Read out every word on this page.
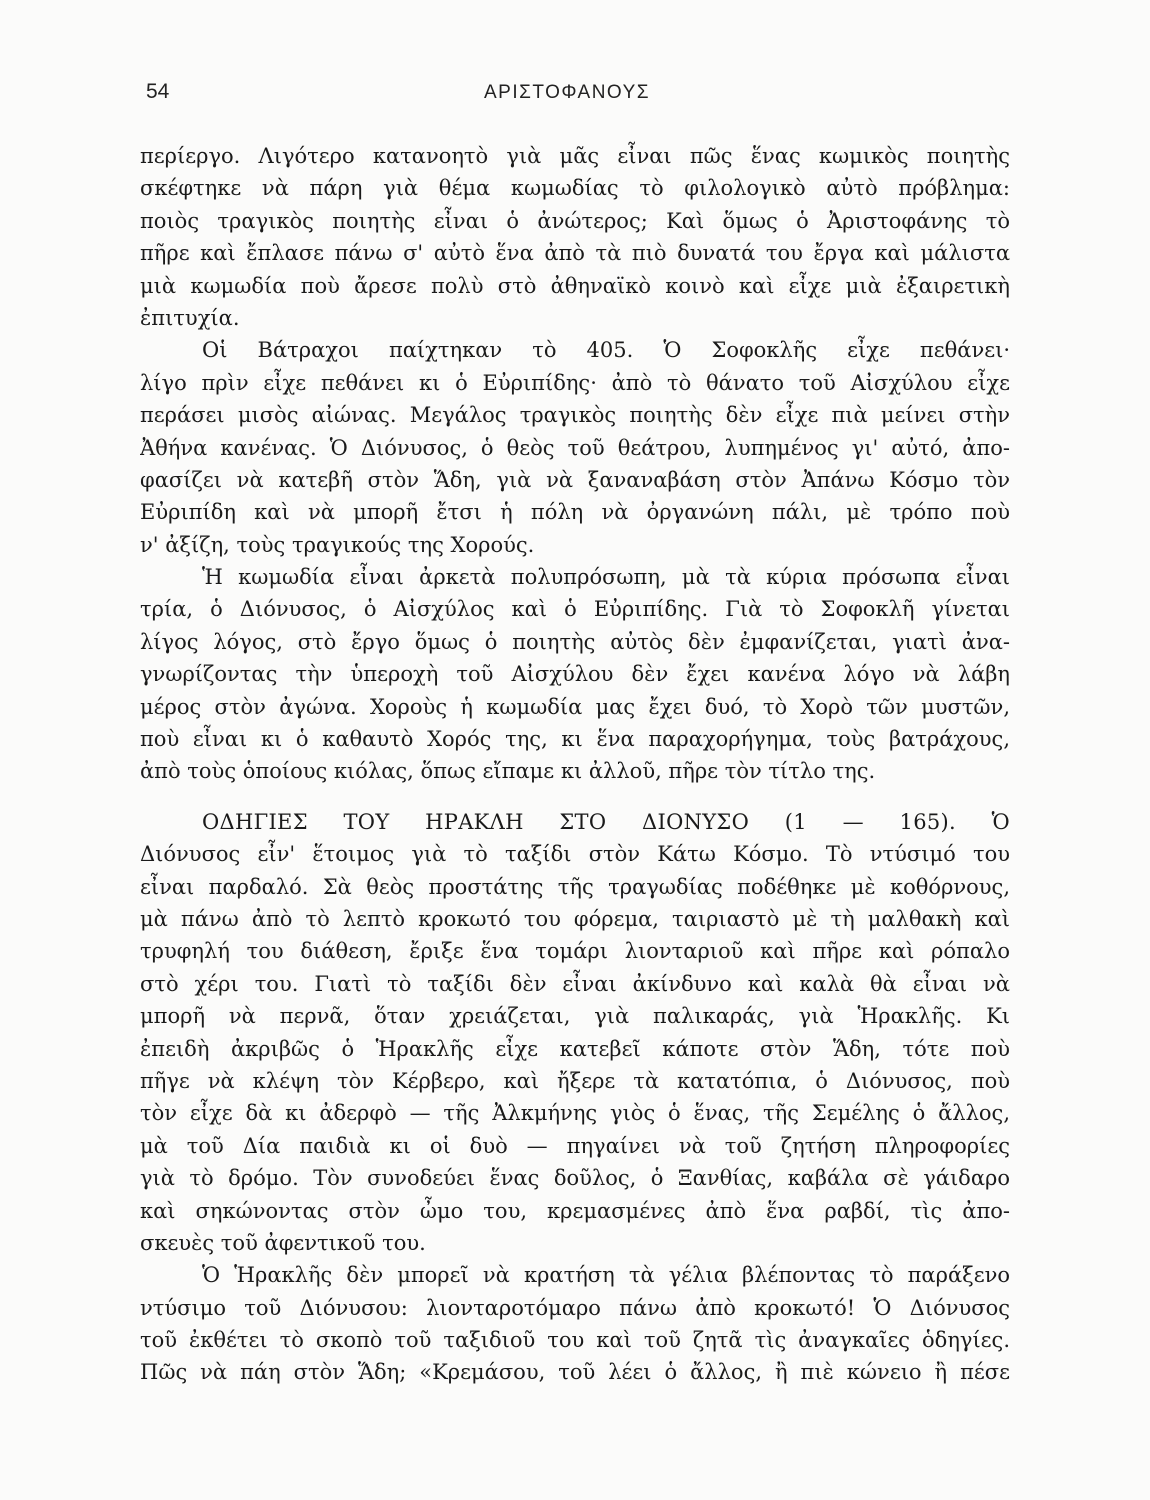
54	ΑΡΙΣΤΟΦΑΝΟΥΣ
περίεργο. Λιγότερο κατανοητὸ γιὰ μᾶς εἶναι πῶς ἕνας κωμικὸς ποιητὴς
σκέφτηκε νὰ πάρη γιὰ θέμα κωμωδίας τὸ φιλολογικὸ αὐτὸ πρόβλημα:
ποιὸς τραγικὸς ποιητὴς εἶναι ὁ ἀνώτερος; Καὶ ὅμως ὁ Ἀριστοφάνης τὸ
πῆρε καὶ ἔπλασε πάνω σ' αὐτὸ ἕνα ἀπὸ τὰ πιὸ δυνατά του ἔργα καὶ μάλιστα
μιὰ κωμωδία ποὺ ἄρεσε πολὺ στὸ ἀθηναϊκὸ κοινὸ καὶ εἶχε μιὰ ἐξαιρετικὴ
ἐπιτυχία.
Οἱ Βάτραχοι παίχτηκαν τὸ 405. Ὁ Σοφοκλῆς εἶχε πεθάνει·
λίγο πρὶν εἶχε πεθάνει κι ὁ Εὐριπίδης· ἀπὸ τὸ θάνατο τοῦ Αἰσχύλου εἶχε
περάσει μισὸς αἰώνας. Μεγάλος τραγικὸς ποιητὴς δὲν εἶχε πιὰ μείνει στὴν
Ἀθήνα κανένας. Ὁ Διόνυσος, ὁ θεὸς τοῦ θεάτρου, λυπημένος γι' αὐτό, ἀπο-
φασίζει νὰ κατεβῆ στὸν Ἅδη, γιὰ νὰ ξαναναβάση στὸν Ἀπάνω Κόσμο τὸν
Εὐριπίδη καὶ νὰ μπορῆ ἔτσι ἡ πόλη νὰ ὀργανώνη πάλι, μὲ τρόπο ποὺ
ν' ἀξίζη, τοὺς τραγικούς της Χορούς.
Ἡ κωμωδία εἶναι ἀρκετὰ πολυπρόσωπη, μὰ τὰ κύρια πρόσωπα εἶναι
τρία, ὁ Διόνυσος, ὁ Αἰσχύλος καὶ ὁ Εὐριπίδης. Γιὰ τὸ Σοφοκλῆ γίνεται
λίγος λόγος, στὸ ἔργο ὅμως ὁ ποιητὴς αὐτὸς δὲν ἐμφανίζεται, γιατὶ ἀνα-
γνωρίζοντας τὴν ὑπεροχὴ τοῦ Αἰσχύλου δὲν ἔχει κανένα λόγο νὰ λάβη
μέρος στὸν ἀγώνα. Χοροὺς ἡ κωμωδία μας ἔχει δυό, τὸ Χορὸ τῶν μυστῶν,
ποὺ εἶναι κι ὁ καθαυτὸ Χορός της, κι ἕνα παραχορήγημα, τοὺς βατράχους,
ἀπὸ τοὺς ὁποίους κιόλας, ὅπως εἴπαμε κι ἀλλοῦ, πῆρε τὸν τίτλο της.
ΟΔΗΓΙΕΣ ΤΟΥ ΗΡΑΚΛΗ ΣΤΟ ΔΙΟΝΥΣΟ (1 — 165). Ὁ
Διόνυσος εἶν' ἕτοιμος γιὰ τὸ ταξίδι στὸν Κάτω Κόσμο. Τὸ ντύσιμό του
εἶναι παρδαλό. Σὰ θεὸς προστάτης τῆς τραγωδίας ποδέθηκε μὲ κοθόρνους,
μὰ πάνω ἀπὸ τὸ λεπτὸ κροκωτό του φόρεμα, ταιριαστὸ μὲ τὴ μαλθακὴ καὶ
τρυφηλή του διάθεση, ἔριξε ἕνα τομάρι λιονταριοῦ καὶ πῆρε καὶ ρόπαλο
στὸ χέρι του. Γιατὶ τὸ ταξίδι δὲν εἶναι ἀκίνδυνο καὶ καλὰ θὰ εἶναι νὰ
μπορῆ νὰ περνᾶ, ὅταν χρειάζεται, γιὰ παλικαράς, γιὰ Ἡρακλῆς. Κι
ἐπειδὴ ἀκριβῶς ὁ Ἡρακλῆς εἶχε κατεβεῖ κάποτε στὸν Ἅδη, τότε ποὺ
πῆγε νὰ κλέψη τὸν Κέρβερο, καὶ ἤξερε τὰ κατατόπια, ὁ Διόνυσος, ποὺ
τὸν εἶχε δὰ κι ἀδερφὸ — τῆς Ἀλκμήνης γιὸς ὁ ἕνας, τῆς Σεμέλης ὁ ἄλλος,
μὰ τοῦ Δία παιδιὰ κι οἱ δυὸ — πηγαίνει νὰ τοῦ ζητήση πληροφορίες
γιὰ τὸ δρόμο. Τὸν συνοδεύει ἕνας δοῦλος, ὁ Ξανθίας, καβάλα σὲ γάιδαρο
καὶ σηκώνοντας στὸν ὦμο του, κρεμασμένες ἀπὸ ἕνα ραβδί, τὶς ἀπο-
σκευὲς τοῦ ἀφεντικοῦ του.
Ὁ Ἡρακλῆς δὲν μπορεῖ νὰ κρατήση τὰ γέλια βλέποντας τὸ παράξενο
ντύσιμο τοῦ Διόνυσου: λιονταροτόμαρο πάνω ἀπὸ κροκωτό! Ὁ Διόνυσος
τοῦ ἐκθέτει τὸ σκοπὸ τοῦ ταξιδιοῦ του καὶ τοῦ ζητᾶ τὶς ἀναγκαῖες ὁδηγίες.
Πῶς νὰ πάη στὸν Ἅδη; «Κρεμάσου, τοῦ λέει ὁ ἄλλος, ἢ πιὲ κώνειο ἢ πέσε
